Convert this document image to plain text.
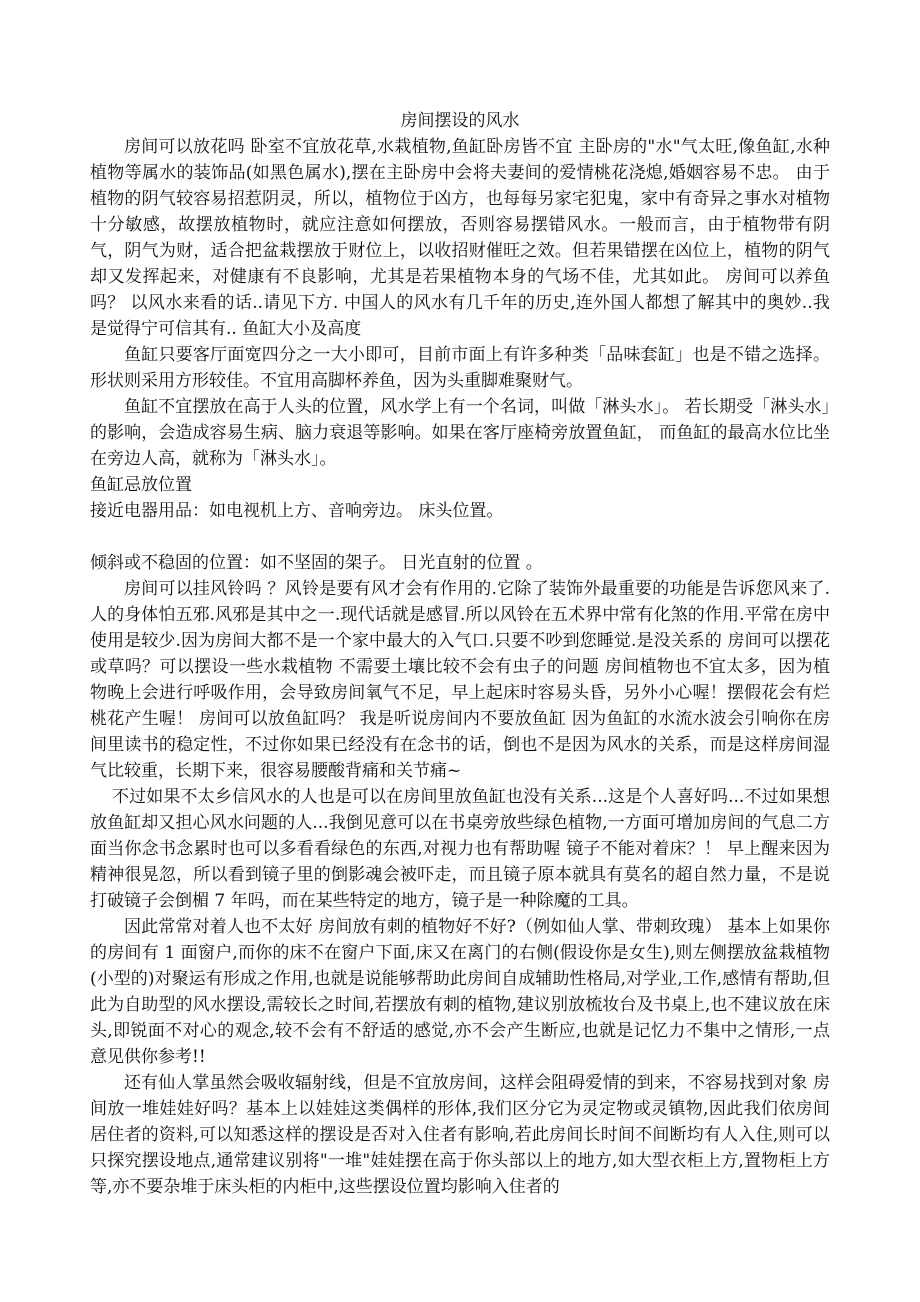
房间摆设的风水

房间可以放花吗 卧室不宜放花草,水栽植物,鱼缸卧房皆不宜 主卧房的"水"气太旺,像鱼缸,水种植物等属水的装饰品(如黑色属水),摆在主卧房中会将夫妻间的爱情桃花浇熄,婚姻容易不忠。 由于植物的阴气较容易招惹阴灵，所以，植物位于凶方，也每每另家宅犯鬼，家中有奇异之事水对植物十分敏感，故摆放植物时，就应注意如何摆放，否则容易摆错风水。一般而言，由于植物带有阴气，阴气为财，适合把盆栽摆放于财位上，以收招财催旺之效。但若果错摆在凶位上，植物的阴气却又发挥起来，对健康有不良影响，尤其是若果植物本身的气场不佳，尤其如此。 房间可以养鱼吗？ 以风水来看的话..请见下方. 中国人的风水有几千年的历史,连外国人都想了解其中的奥妙..我是觉得宁可信其有.. 鱼缸大小及高度

鱼缸只要客厅面宽四分之一大小即可，目前市面上有许多种类「品味套缸」也是不错之选择。 形状则采用方形较佳。不宜用高脚杯养鱼，因为头重脚难聚财气。

鱼缸不宜摆放在高于人头的位置，风水学上有一个名词，叫做「淋头水」。 若长期受「淋头水」的影响，会造成容易生病、脑力衰退等影响。如果在客厅座椅旁放置鱼缸， 而鱼缸的最高水位比坐在旁边人高，就称为「淋头水」。

鱼缸忌放位置

接近电器用品：如电视机上方、音响旁边。 床头位置。

倾斜或不稳固的位置：如不坚固的架子。 日光直射的位置 。

房间可以挂风铃吗 ？风铃是要有风才会有作用的.它除了装饰外最重要的功能是告诉您风来了.人的身体怕五邪.风邪是其中之一.现代话就是感冒.所以风铃在五术界中常有化煞的作用.平常在房中使用是较少.因为房间大都不是一个家中最大的入气口.只要不吵到您睡觉.是没关系的 房间可以摆花或草吗？可以摆设一些水栽植物 不需要土壤比较不会有虫子的问题 房间植物也不宜太多，因为植物晚上会进行呼吸作用，会导致房间氧气不足，早上起床时容易头昏，另外小心喔！摆假花会有烂桃花产生喔！ 房间可以放鱼缸吗？ 我是听说房间内不要放鱼缸 因为鱼缸的水流水波会引响你在房间里读书的稳定性，不过你如果已经没有在念书的话，倒也不是因为风水的关系，而是这样房间湿气比较重，长期下来，很容易腰酸背痛和关节痛~

不过如果不太乡信风水的人也是可以在房间里放鱼缸也没有关系...这是个人喜好吗...不过如果想放鱼缸却又担心风水问题的人...我倒见意可以在书桌旁放些绿色植物,一方面可增加房间的气息二方面当你念书念累时也可以多看看绿色的东西,对视力也有帮助喔 镜子不能对着床？！ 早上醒来因为精神很晃忽，所以看到镜子里的倒影魂会被吓走，而且镜子原本就具有莫名的超自然力量，不是说打破镜子会倒楣 7 年吗，而在某些特定的地方，镜子是一种除魔的工具。

因此常常对着人也不太好 房间放有刺的植物好不好?（例如仙人掌、带刺玫瑰） 基本上如果你的房间有 1 面窗户,而你的床不在窗户下面,床又在离门的右侧(假设你是女生),则左侧摆放盆栽植物(小型的)对聚运有形成之作用,也就是说能够帮助此房间自成辅助性格局,对学业,工作,感情有帮助,但此为自助型的风水摆设,需较长之时间,若摆放有刺的植物,建议别放梳妆台及书桌上,也不建议放在床头,即锐面不对心的观念,较不会有不舒适的感觉,亦不会产生断应,也就是记忆力不集中之情形,一点意见供你参考!!

还有仙人掌虽然会吸收辐射线，但是不宜放房间，这样会阻碍爱情的到来，不容易找到对象 房间放一堆娃娃好吗？基本上以娃娃这类偶样的形体,我们区分它为灵定物或灵镇物,因此我们依房间居住者的资料,可以知悉这样的摆设是否对入住者有影响,若此房间长时间不间断均有人入住,则可以只探究摆设地点,通常建议别将"一堆"娃娃摆在高于你头部以上的地方,如大型衣柜上方,置物柜上方等,亦不要杂堆于床头柜的内柜中,这些摆设位置均影响入住者的
